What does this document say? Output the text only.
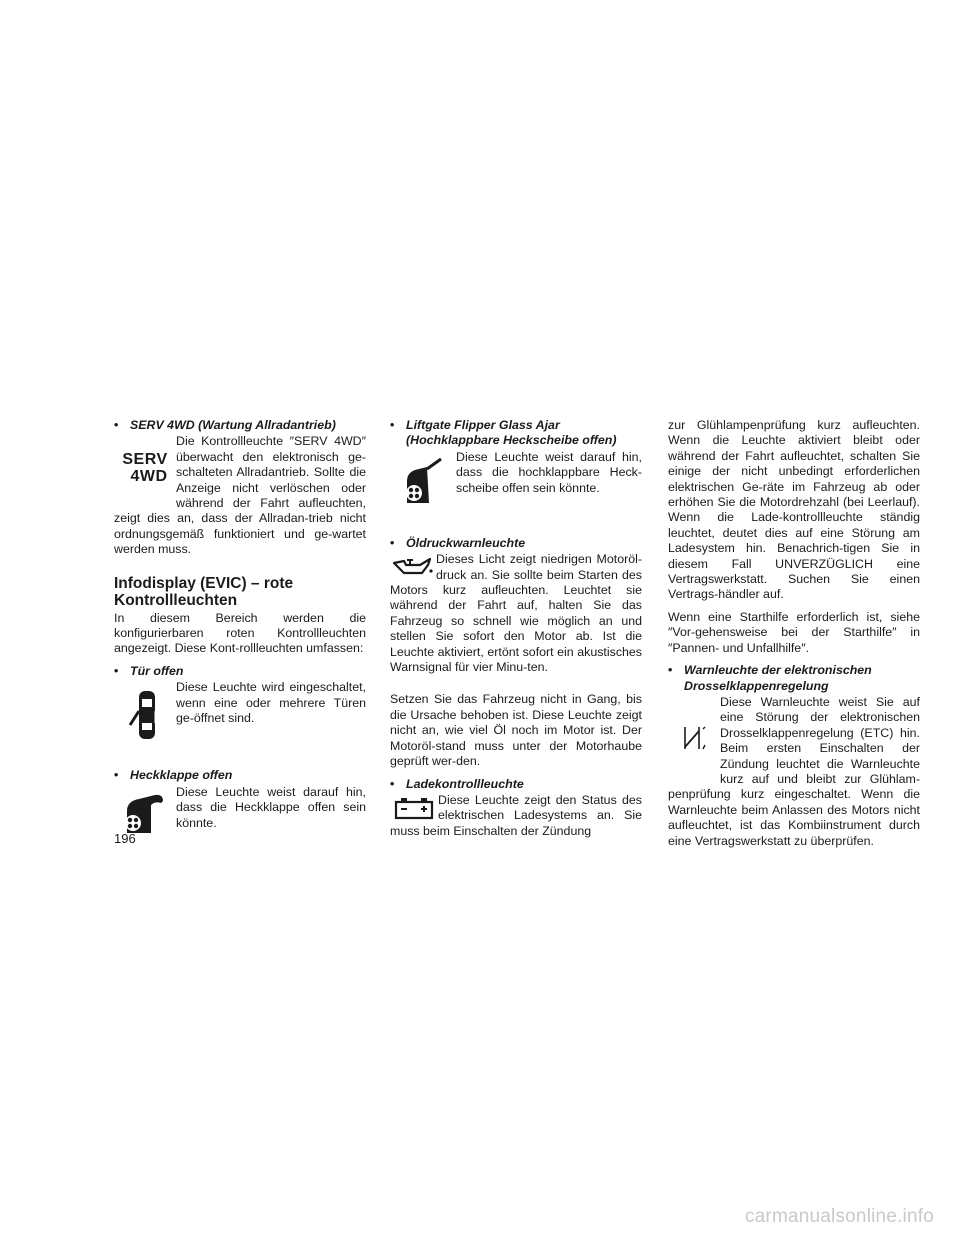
• SERV 4WD (Wartung Allradantrieb)
SERV
4WD

Die Kontrollleuchte ″SERV 4WD″ überwacht den elektronisch ge-schalteten Allradantrieb. Sollte die Anzeige nicht verlöschen oder während der Fahrt aufleuchten, zeigt dies an, dass der Allradan-trieb nicht ordnungsgemäß funktioniert und ge-wartet werden muss.

Infodisplay (EVIC) – rote Kontrollleuchten

In diesem Bereich werden die konfigurierbaren roten Kontrollleuchten angezeigt. Diese Kont-rollleuchten umfassen:

• Tür offen

Diese Leuchte wird eingeschaltet, wenn eine oder mehrere Türen ge-öffnet sind.

• Heckklappe offen

Diese Leuchte weist darauf hin, dass die Heckklappe offen sein könnte.

• Liftgate Flipper Glass Ajar (Hochklappbare Heckscheibe offen)

Diese Leuchte weist darauf hin, dass die hochklappbare Heck-scheibe offen sein könnte.

• Öldruckwarnleuchte

Dieses Licht zeigt niedrigen Motoröl-druck an. Sie sollte beim Starten des Motors kurz aufleuchten. Leuchtet sie während der Fahrt auf, halten Sie das Fahrzeug so schnell wie möglich an und stellen Sie sofort den Motor ab. Ist die Leuchte aktiviert, ertönt sofort ein akustisches Warnsignal für vier Minu-ten.

Setzen Sie das Fahrzeug nicht in Gang, bis die Ursache behoben ist. Diese Leuchte zeigt nicht an, wie viel Öl noch im Motor ist. Der Motoröl-stand muss unter der Motorhaube geprüft wer-den.

• Ladekontrollleuchte

Diese Leuchte zeigt den Status des elektrischen Ladesystems an. Sie muss beim Einschalten der Zündung

zur Glühlampenprüfung kurz aufleuchten. Wenn die Leuchte aktiviert bleibt oder während der Fahrt aufleuchtet, schalten Sie einige der nicht unbedingt erforderlichen elektrischen Ge-räte im Fahrzeug ab oder erhöhen Sie die Motordrehzahl (bei Leerlauf). Wenn die Lade-kontrollleuchte ständig leuchtet, deutet dies auf eine Störung am Ladesystem hin. Benachrich-tigen Sie in diesem Fall UNVERZÜGLICH eine Vertragswerkstatt. Suchen Sie einen Vertrags-händler auf.

Wenn eine Starthilfe erforderlich ist, siehe ″Vor-gehensweise bei der Starthilfe″ in ″Pannen- und Unfallhilfe″.

• Warnleuchte der elektronischen Drosselklappenregelung

Diese Warnleuchte weist Sie auf eine Störung der elektronischen Drosselklappenregelung (ETC) hin. Beim ersten Einschalten der Zündung leuchtet die Warnleuchte kurz auf und bleibt zur Glühlam-penprüfung kurz eingeschaltet. Wenn die Warnleuchte beim Anlassen des Motors nicht aufleuchtet, ist das Kombiinstrument durch eine Vertragswerkstatt zu überprüfen.

196
carmanualsonline.info
